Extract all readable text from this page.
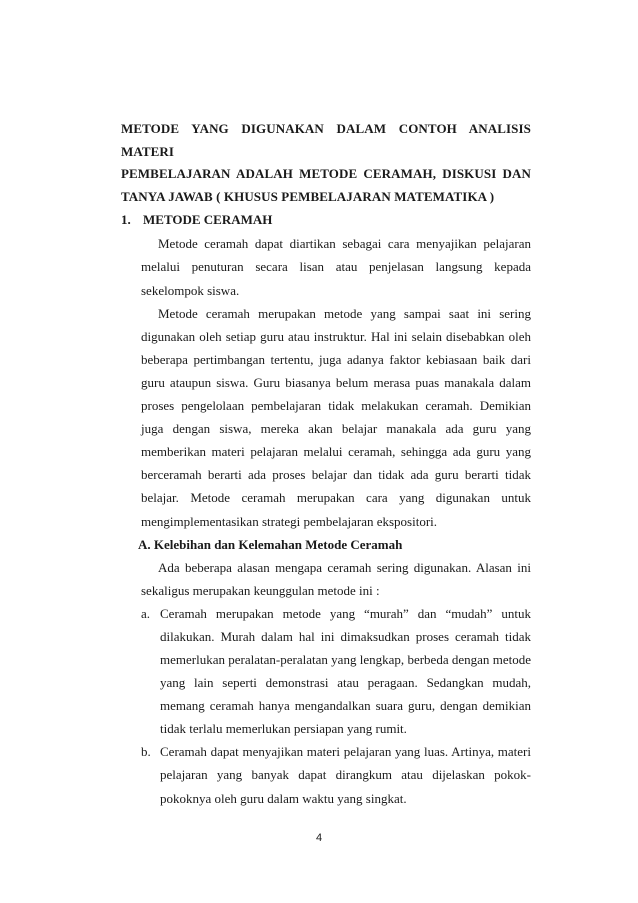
METODE YANG DIGUNAKAN DALAM CONTOH ANALISIS MATERI
PEMBELAJARAN ADALAH METODE CERAMAH, DISKUSI DAN
TANYA JAWAB ( KHUSUS PEMBELAJARAN MATEMATIKA )
1. METODE CERAMAH

Metode ceramah dapat diartikan sebagai cara menyajikan pelajaran melalui penuturan secara lisan atau penjelasan langsung kepada sekelompok siswa.

Metode ceramah merupakan metode yang sampai saat ini sering digunakan oleh setiap guru atau instruktur. Hal ini selain disebabkan oleh beberapa pertimbangan tertentu, juga adanya faktor kebiasaan baik dari guru ataupun siswa. Guru biasanya belum merasa puas manakala dalam proses pengelolaan pembelajaran tidak melakukan ceramah. Demikian juga dengan siswa, mereka akan belajar manakala ada guru yang memberikan materi pelajaran melalui ceramah, sehingga ada guru yang berceramah berarti ada proses belajar dan tidak ada guru berarti tidak belajar. Metode ceramah merupakan cara yang digunakan untuk mengimplementasikan strategi pembelajaran ekspositori.

A. Kelebihan dan Kelemahan Metode Ceramah

Ada beberapa alasan mengapa ceramah sering digunakan. Alasan ini sekaligus merupakan keunggulan metode ini :

a. Ceramah merupakan metode yang “murah” dan “mudah” untuk dilakukan. Murah dalam hal ini dimaksudkan proses ceramah tidak memerlukan peralatan-peralatan yang lengkap, berbeda dengan metode yang lain seperti demonstrasi atau peragaan. Sedangkan mudah, memang ceramah hanya mengandalkan suara guru, dengan demikian tidak terlalu memerlukan persiapan yang rumit.

b. Ceramah dapat menyajikan materi pelajaran yang luas. Artinya, materi pelajaran yang banyak dapat dirangkum atau dijelaskan pokok-pokoknya oleh guru dalam waktu yang singkat.

4
